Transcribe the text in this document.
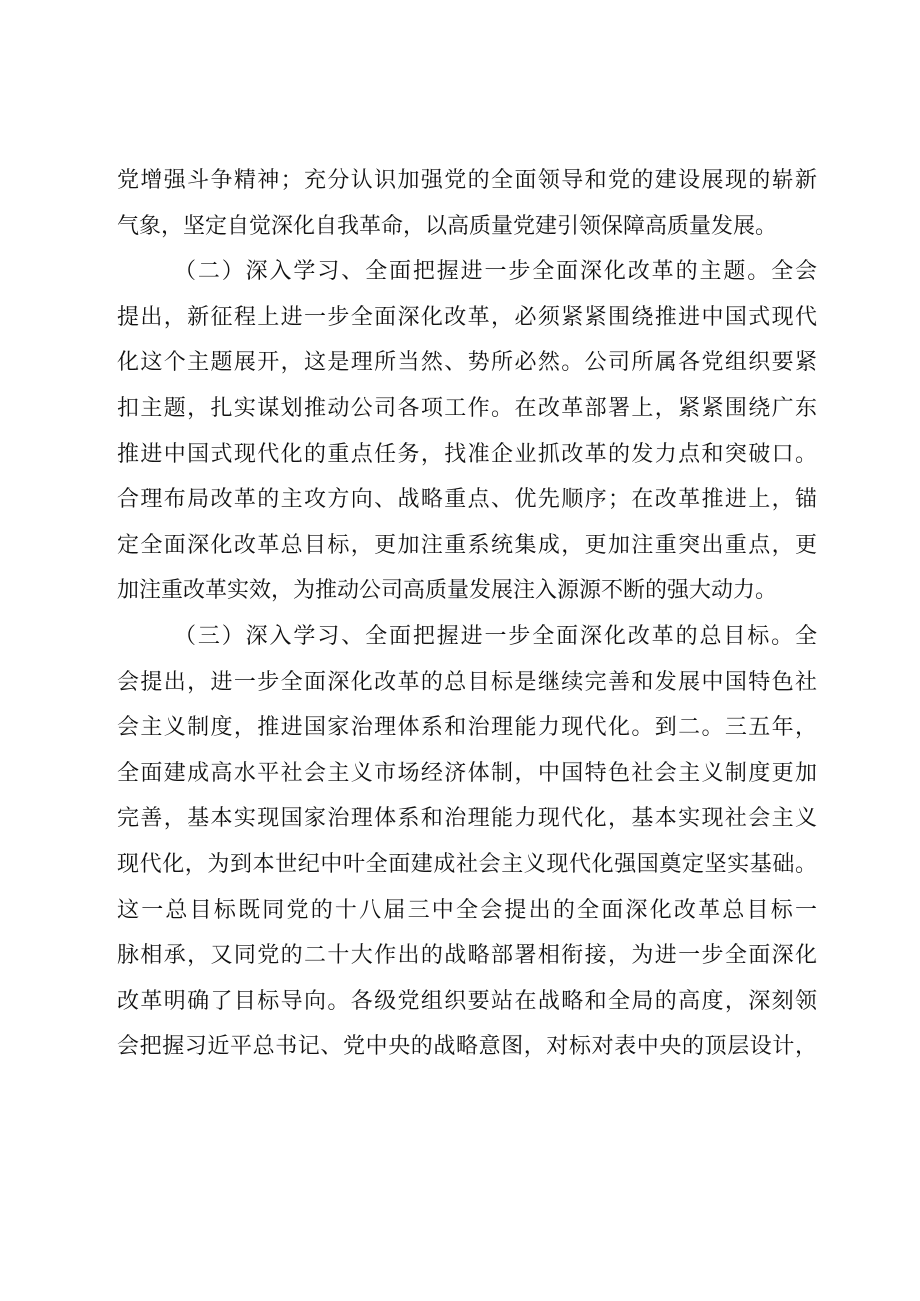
党增强斗争精神；充分认识加强党的全面领导和党的建设展现的崭新
气象，坚定自觉深化自我革命，以高质量党建引领保障高质量发展。
（二）深入学习、全面把握进一步全面深化改革的主题。全会
提出，新征程上进一步全面深化改革，必须紧紧围绕推进中国式现代
化这个主题展开，这是理所当然、势所必然。公司所属各党组织要紧
扣主题，扎实谋划推动公司各项工作。在改革部署上，紧紧围绕广东
推进中国式现代化的重点任务，找准企业抓改革的发力点和突破口。
合理布局改革的主攻方向、战略重点、优先顺序；在改革推进上，锚
定全面深化改革总目标，更加注重系统集成，更加注重突出重点，更
加注重改革实效，为推动公司高质量发展注入源源不断的强大动力。
（三）深入学习、全面把握进一步全面深化改革的总目标。全
会提出，进一步全面深化改革的总目标是继续完善和发展中国特色社
会主义制度，推进国家治理体系和治理能力现代化。到二。三五年，
全面建成高水平社会主义市场经济体制，中国特色社会主义制度更加
完善，基本实现国家治理体系和治理能力现代化，基本实现社会主义
现代化，为到本世纪中叶全面建成社会主义现代化强国奠定坚实基础。
这一总目标既同党的十八届三中全会提出的全面深化改革总目标一
脉相承，又同党的二十大作出的战略部署相衔接，为进一步全面深化
改革明确了目标导向。各级党组织要站在战略和全局的高度，深刻领
会把握习近平总书记、党中央的战略意图，对标对表中央的顶层设计，
